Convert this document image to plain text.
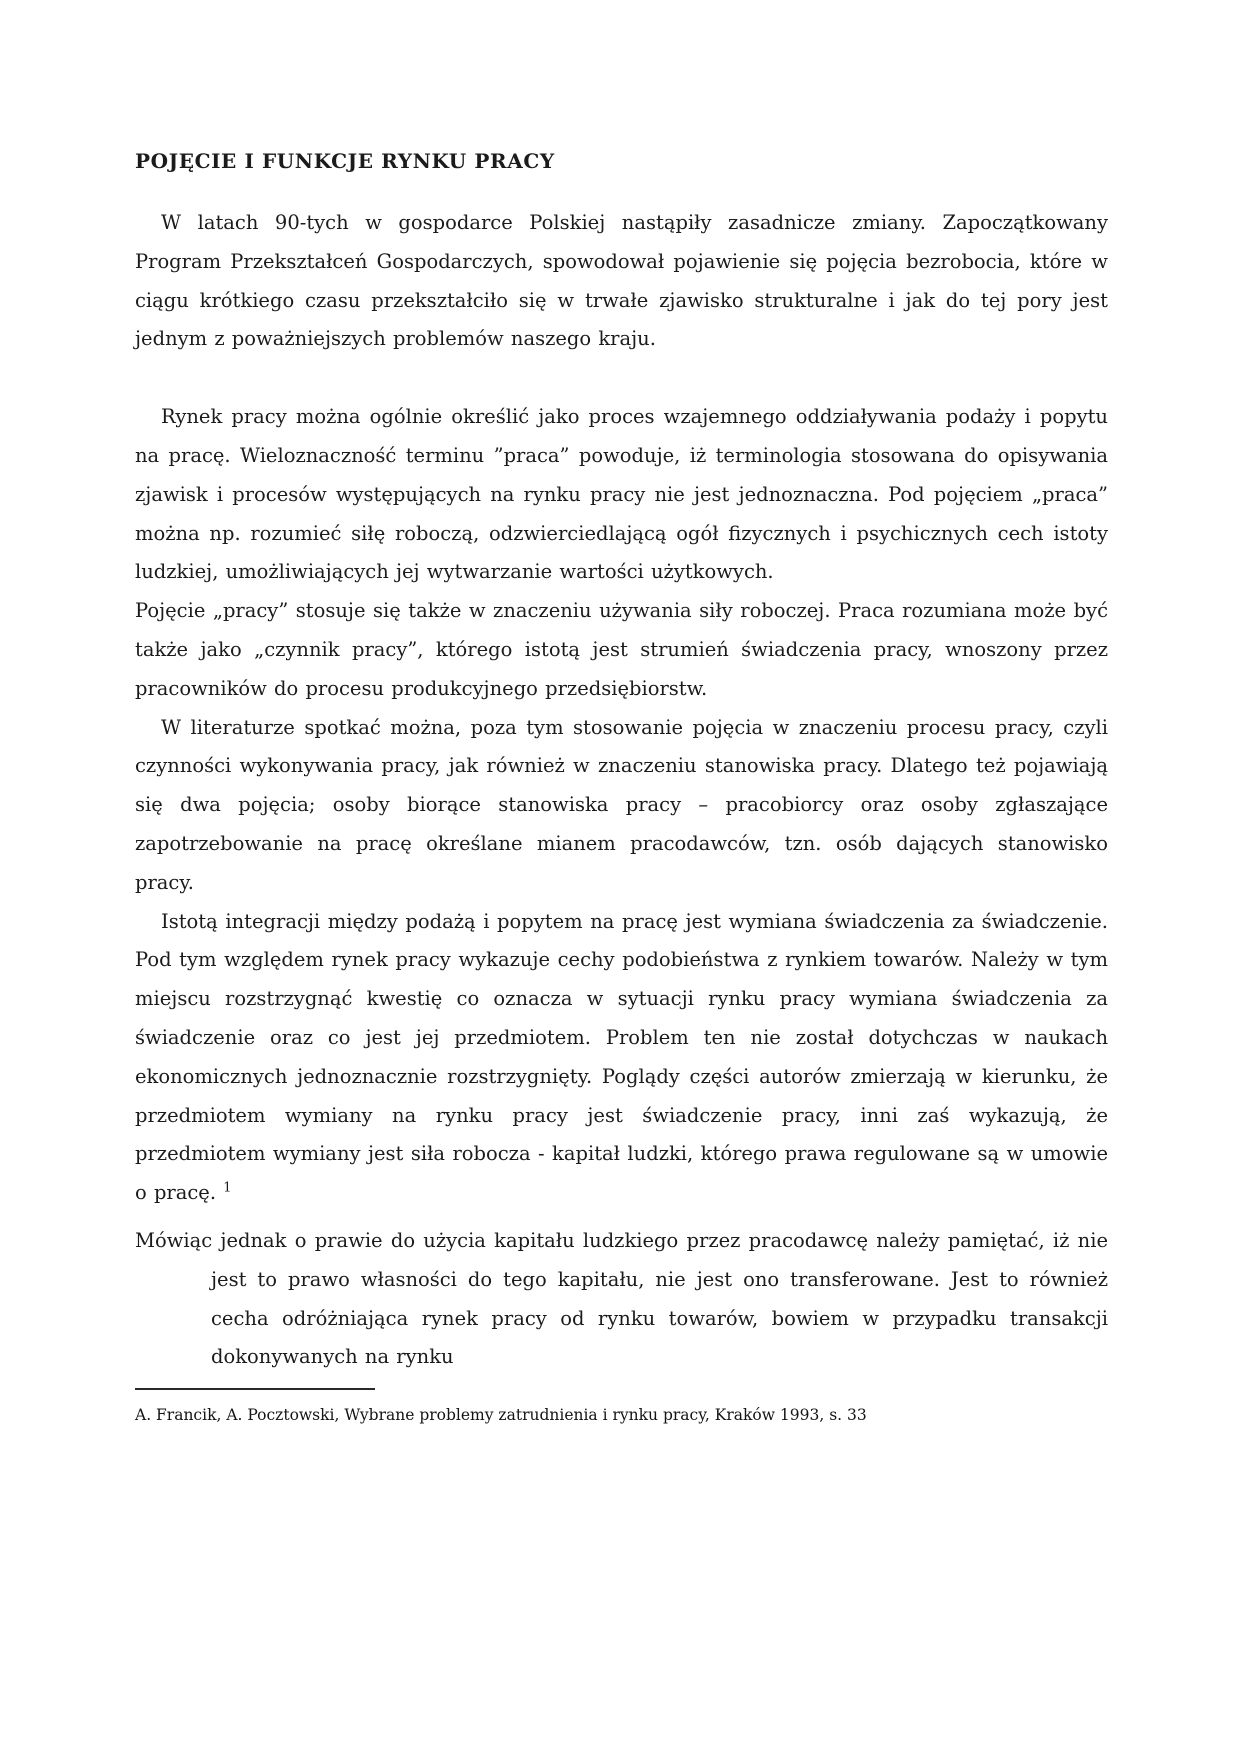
POJĘCIE I FUNKCJE RYNKU PRACY

W latach 90-tych w gospodarce Polskiej nastąpiły zasadnicze zmiany. Zapoczątkowany Program Przekształceń Gospodarczych, spowodował pojawienie się pojęcia bezrobocia, które w ciągu krótkiego czasu przekształciło się w trwałe zjawisko strukturalne i jak do tej pory jest jednym z poważniejszych problemów naszego kraju.

Rynek pracy można ogólnie określić jako proces wzajemnego oddziaływania podaży i popytu na pracę. Wieloznaczność terminu ”praca” powoduje, iż terminologia stosowana do opisywania zjawisk i procesów występujących na rynku pracy nie jest jednoznaczna. Pod pojęciem „praca” można np. rozumieć siłę roboczą, odzwierciedlającą ogół fizycznych i psychicznych cech istoty ludzkiej, umożliwiających jej wytwarzanie wartości użytkowych.

Pojęcie „pracy” stosuje się także w znaczeniu używania siły roboczej. Praca rozumiana może być także jako „czynnik pracy”, którego istotą jest strumień świadczenia pracy, wnoszony przez pracowników do procesu produkcyjnego przedsiębiorstw.

W literaturze spotkać można, poza tym stosowanie pojęcia w znaczeniu procesu pracy, czyli czynności wykonywania pracy, jak również w znaczeniu stanowiska pracy. Dlatego też pojawiają się dwa pojęcia; osoby biorące stanowiska pracy – pracobiorcy oraz osoby zgłaszające zapotrzebowanie na pracę określane mianem pracodawców, tzn. osób dających stanowisko pracy.

Istotą integracji między podażą i popytem na pracę jest wymiana świadczenia za świadczenie. Pod tym względem rynek pracy wykazuje cechy podobieństwa z rynkiem towarów. Należy w tym miejscu rozstrzygnąć kwestię co oznacza w sytuacji rynku pracy wymiana świadczenia za świadczenie oraz co jest jej przedmiotem. Problem ten nie został dotychczas w naukach ekonomicznych jednoznacznie rozstrzygnięty. Poglądy części autorów zmierzają w kierunku, że przedmiotem wymiany na rynku pracy jest świadczenie pracy, inni zaś wykazują, że przedmiotem wymiany jest siła robocza - kapitał ludzki, którego prawa regulowane są w umowie o pracę. $^1$

Mówiąc jednak o prawie do użycia kapitału ludzkiego przez pracodawcę należy pamiętać, iż nie jest to prawo własności do tego kapitału, nie jest ono transferowane. Jest to również cecha odróżniająca rynek pracy od rynku towarów, bowiem w przypadku transakcji dokonywanych na rynku

A. Francik, A. Pocztowski, Wybrane problemy zatrudnienia i rynku pracy, Kraków 1993, s. 33
